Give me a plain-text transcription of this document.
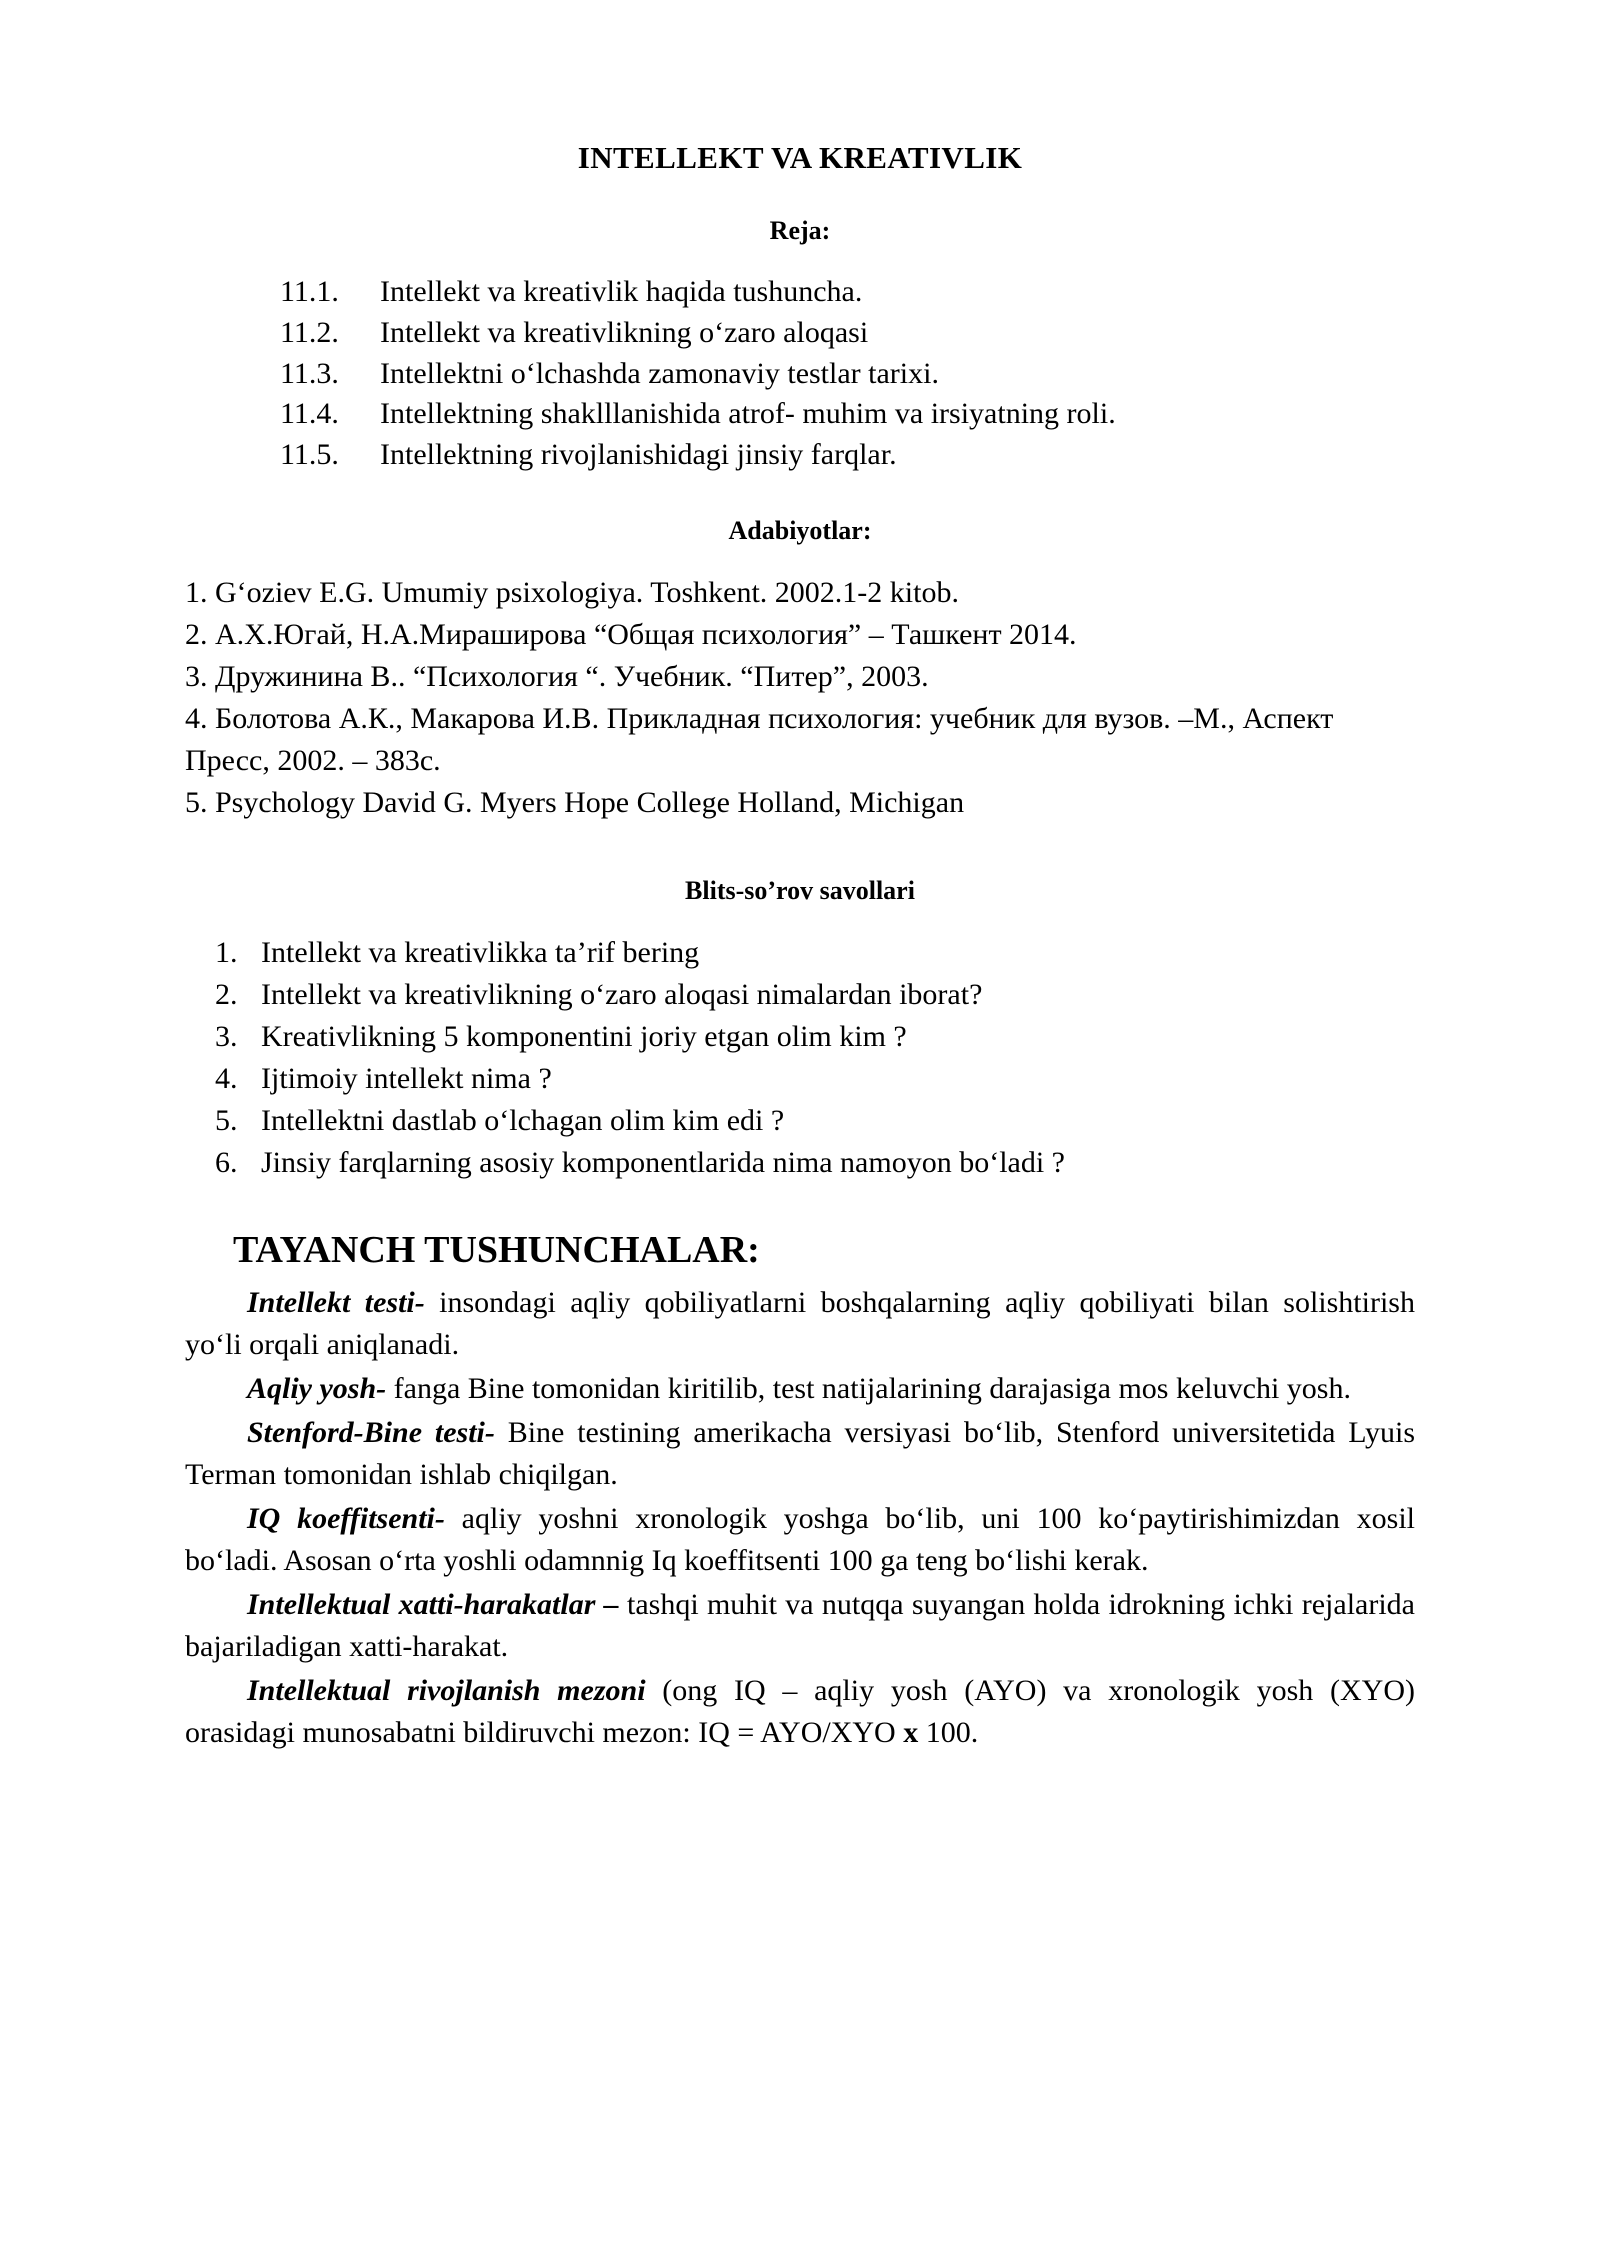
INTELLEKT VA KREATIVLIK
Reja:
11.1.	Intellekt va kreativlik haqida tushuncha.
11.2.	Intellekt va kreativlikning o‘zaro aloqasi
11.3.	Intellektni o‘lchashda zamonaviy testlar tarixi.
11.4.	Intellektning shaklllanishida atrof- muhim va irsiyatning roli.
11.5.	Intellektning rivojlanishidagi jinsiy farqlar.
Adabiyotlar:
1. G‘oziev E.G. Umumiy psixologiya. Toshkent. 2002.1-2 kitob.
2. А.Х.Югай, Н.А.Мираширова “Общая психология” – Ташкент 2014.
3. Дружинина В.. “Психология “. Учебник. “Питер”, 2003.
4. Болотова А.К., Макарова И.В. Прикладная психология: учебник для вузов. –М., Аспект Пресс, 2002. – 383с.
5. Psychology David G. Myers Hope College Holland, Michigan
Blits-so’rov savollari
1. Intellekt va kreativlikka ta’rif bering
2. Intellekt va kreativlikning o‘zaro aloqasi nimalardan iborat?
3. Kreativlikning 5 komponentini joriy etgan olim kim ?
4. Ijtimoiy intellekt nima ?
5. Intellektni dastlab o‘lchagan olim kim edi ?
6. Jinsiy farqlarning asosiy komponentlarida nima namoyon bo‘ladi ?
TAYANCH TUSHUNCHALAR:

Intellekt testi- insondagi aqliy qobiliyatlarni boshqalarning aqliy qobiliyati bilan solishtirish yo‘li orqali aniqlanadi.

Aqliy yosh- fanga Bine tomonidan kiritilib, test natijalarining darajasiga mos keluvchi yosh.

Stenford-Bine testi- Bine testining amerikacha versiyasi bo‘lib, Stenford universitetida Lyuis Terman tomonidan ishlab chiqilgan.

IQ koeffitsenti- aqliy yoshni xronologik yoshga bo‘lib, uni 100 ko‘paytirishimizdan xosil bo‘ladi. Asosan o‘rta yoshli odamnnig Iq koeffitsenti 100 ga teng bo‘lishi kerak.

Intellektual xatti-harakatlar – tashqi muhit va nutqqa suyangan holda idrokning ichki rejalarida bajariladigan xatti-harakat.

Intellektual rivojlanish mezoni (ong IQ – aqliy yosh (AYO) va xronologik yosh (XYO) orasidagi munosabatni bildiruvchi mezon: IQ = AYO/XYO x 100.
